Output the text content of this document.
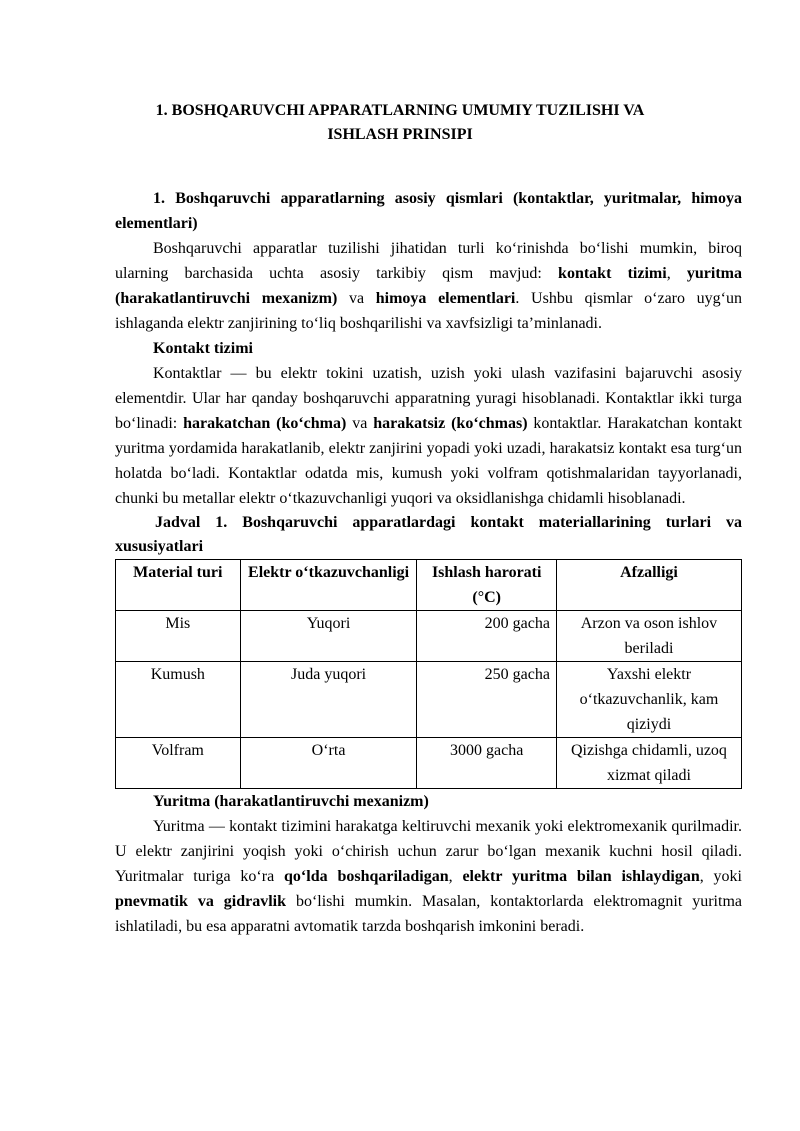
1. BOSHQARUVCHI APPARATLARNING UMUMIY TUZILISHI VA ISHLASH PRINSIPI

1. Boshqaruvchi apparatlarning asosiy qismlari (kontaktlar, yuritmalar, himoya elementlari)

Boshqaruvchi apparatlar tuzilishi jihatidan turli koʻrinishda boʻlishi mumkin, biroq ularning barchasida uchta asosiy tarkibiy qism mavjud: kontakt tizimi, yuritma (harakatlantiruvchi mexanizm) va himoya elementlari. Ushbu qismlar oʻzaro uygʻun ishlaganda elektr zanjirining toʻliq boshqarilishi va xavfsizligi taʼminlanadi.

Kontakt tizimi

Kontaktlar — bu elektr tokini uzatish, uzish yoki ulash vazifasini bajaruvchi asosiy elementdir. Ular har qanday boshqaruvchi apparatning yuragi hisoblanadi. Kontaktlar ikki turga boʻlinadi: harakatchan (koʻchma) va harakatsiz (koʻchmas) kontaktlar. Harakatchan kontakt yuritma yordamida harakatlanib, elektr zanjirini yopadi yoki uzadi, harakatsiz kontakt esa turgʻun holatda boʻladi. Kontaktlar odatda mis, kumush yoki volfram qotishmalaridan tayyorlanadi, chunki bu metallar elektr oʻtkazuvchanligi yuqori va oksidlanishga chidamli hisoblanadi.

Jadval 1. Boshqaruvchi apparatlardagi kontakt materiallarining turlari va xususiyatlari

Material turi	Elektr oʻtkazuvchanligi	Ishlash harorati (°C)	Afzalligi
Mis	Yuqori	200 gacha	Arzon va oson ishlov beriladi
Kumush	Juda yuqori	250 gacha	Yaxshi elektr oʻtkazuvchanlik, kam qiziydi
Volfram	Oʻrta	3000 gacha	Qizishga chidamli, uzoq xizmat qiladi

Yuritma (harakatlantiruvchi mexanizm)

Yuritma — kontakt tizimini harakatga keltiruvchi mexanik yoki elektromexanik qurilmadir. U elektr zanjirini yoqish yoki oʻchirish uchun zarur boʻlgan mexanik kuchni hosil qiladi. Yuritmalar turiga koʻra qoʻlda boshqariladigan, elektr yuritma bilan ishlaydigan, yoki pnevmatik va gidravlik boʻlishi mumkin. Masalan, kontaktorlarda elektromagnit yuritma ishlatiladi, bu esa apparatni avtomatik tarzda boshqarish imkonini beradi.
